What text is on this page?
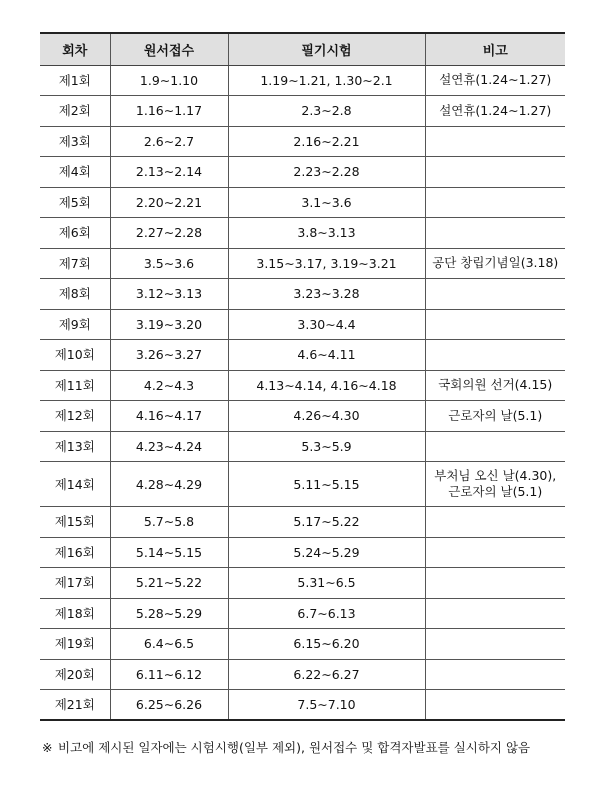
회차	원서접수	필기시험	비고
제1회	1.9∼1.10	1.19∼1.21, 1.30∼2.1	설연휴(1.24∼1.27)
제2회	1.16∼1.17	2.3∼2.8	설연휴(1.24∼1.27)
제3회	2.6∼2.7	2.16∼2.21	
제4회	2.13∼2.14	2.23∼2.28	
제5회	2.20∼2.21	3.1∼3.6	
제6회	2.27∼2.28	3.8∼3.13	
제7회	3.5∼3.6	3.15∼3.17, 3.19∼3.21	공단 창립기념일(3.18)
제8회	3.12∼3.13	3.23∼3.28	
제9회	3.19∼3.20	3.30∼4.4	
제10회	3.26∼3.27	4.6∼4.11	
제11회	4.2∼4.3	4.13∼4.14, 4.16∼4.18	국회의원 선거(4.15)
제12회	4.16∼4.17	4.26∼4.30	근로자의 날(5.1)
제13회	4.23∼4.24	5.3∼5.9	
제14회	4.28∼4.29	5.11∼5.15	부처님 오신 날(4.30),
근로자의 날(5.1)
제15회	5.7∼5.8	5.17∼5.22	
제16회	5.14∼5.15	5.24∼5.29	
제17회	5.21∼5.22	5.31∼6.5	
제18회	5.28∼5.29	6.7∼6.13	
제19회	6.4∼6.5	6.15∼6.20	
제20회	6.11∼6.12	6.22∼6.27	
제21회	6.25∼6.26	7.5∼7.10	
※ 비고에 제시된 일자에는 시험시행(일부 제외), 원서접수 및 합격자발표를 실시하지 않음
